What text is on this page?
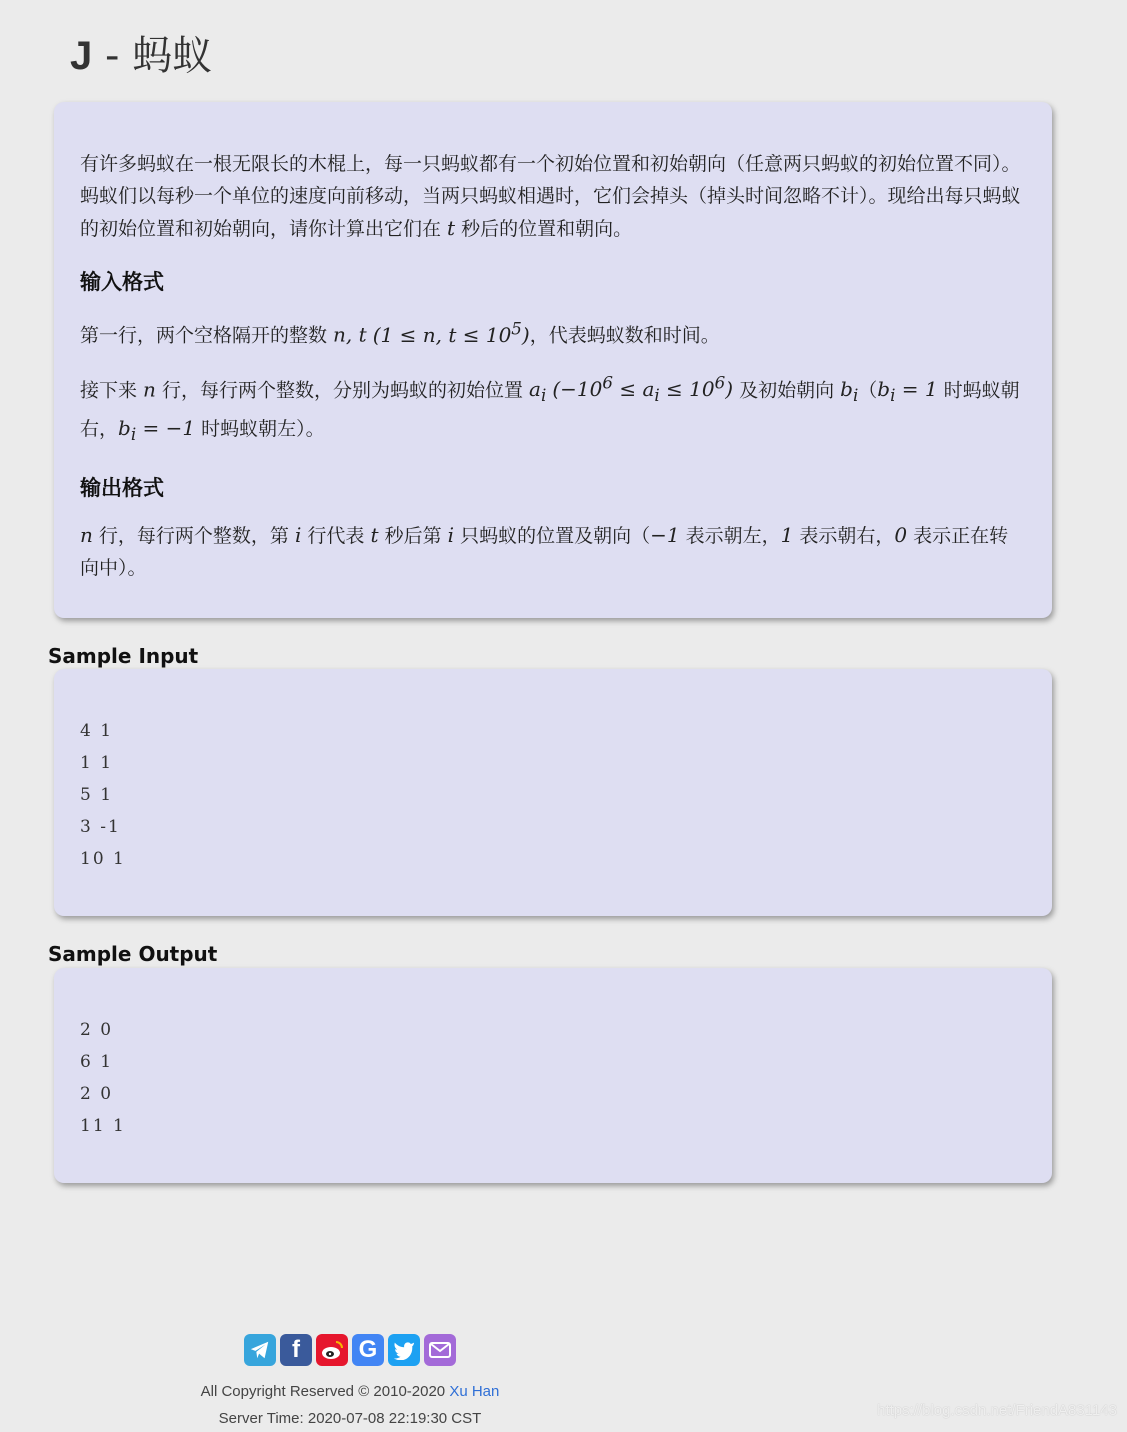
J - 蚂蚁

有许多蚂蚁在一根无限长的木棍上，每一只蚂蚁都有一个初始位置和初始朝向（任意两只蚂蚁的初始位置不同）。蚂蚁们以每秒一个单位的速度向前移动，当两只蚂蚁相遇时，它们会掉头（掉头时间忽略不计）。现给出每只蚂蚁的初始位置和初始朝向，请你计算出它们在 t 秒后的位置和朝向。

输入格式

第一行，两个空格隔开的整数 n, t (1 ≤ n, $t \le 10^5$)，代表蚂蚁数和时间。

接下来 n 行，每行两个整数，分别为蚂蚁的初始位置 $a_i$ $(-10^6 \le a_i \le 10^6)$ 及初始朝向 $b_i(b_i = 1$ 时蚂蚁朝右，$b_i = -1$ 时蚂蚁朝左）。

输出格式

n 行，每行两个整数，第 i 行代表 t 秒后第 i 只蚂蚁的位置及朝向（−1 表示朝左，1 表示朝右，0 表示正在转向中）。

Sample Input
4 1
1 1
5 1
3 -1
10 1
Sample Output
2 0
6 1
2 0
11 1
f	G
All Copyright Reserved © 2010-2020 Xu Han
Server Time: 2020-07-08 22:19:30 CST	https://blog.csdn.net/FriendA831143
